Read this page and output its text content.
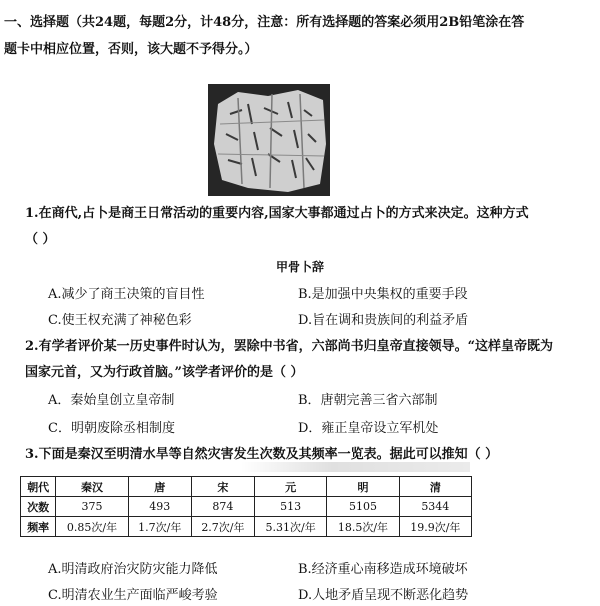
一、选择题（共24题，每题2分，计48分，注意：所有选择题的答案必须用2B铅笔涂在答
题卡中相应位置，否则，该大题不予得分。）
1.在商代,占卜是商王日常活动的重要内容,国家大事都通过占卜的方式来决定。这种方式
（ ）
甲骨卜辞
A.减少了商王决策的盲目性	B.是加强中央集权的重要手段
C.使王权充满了神秘色彩	D.旨在调和贵族间的利益矛盾
2.有学者评价某一历史事件时认为，罢除中书省，六部尚书归皇帝直接领导。“这样皇帝既为
国家元首，又为行政首脑。”该学者评价的是（ ）
A．秦始皇创立皇帝制	B．唐朝完善三省六部制
C．明朝废除丞相制度	D．雍正皇帝设立军机处
3.下面是秦汉至明清水旱等自然灾害发生次数及其频率一览表。据此可以推知（ ）
朝代	秦汉	唐	宋	元	明	清
次数	375	493	874	513	5105	5344
频率	0.85次/年	1.7次/年	2.7次/年	5.31次/年	18.5次/年	19.9次/年
A.明清政府治灾防灾能力降低	B.经济重心南移造成环境破坏
C.明清农业生产面临严峻考验	D.人地矛盾呈现不断恶化趋势
